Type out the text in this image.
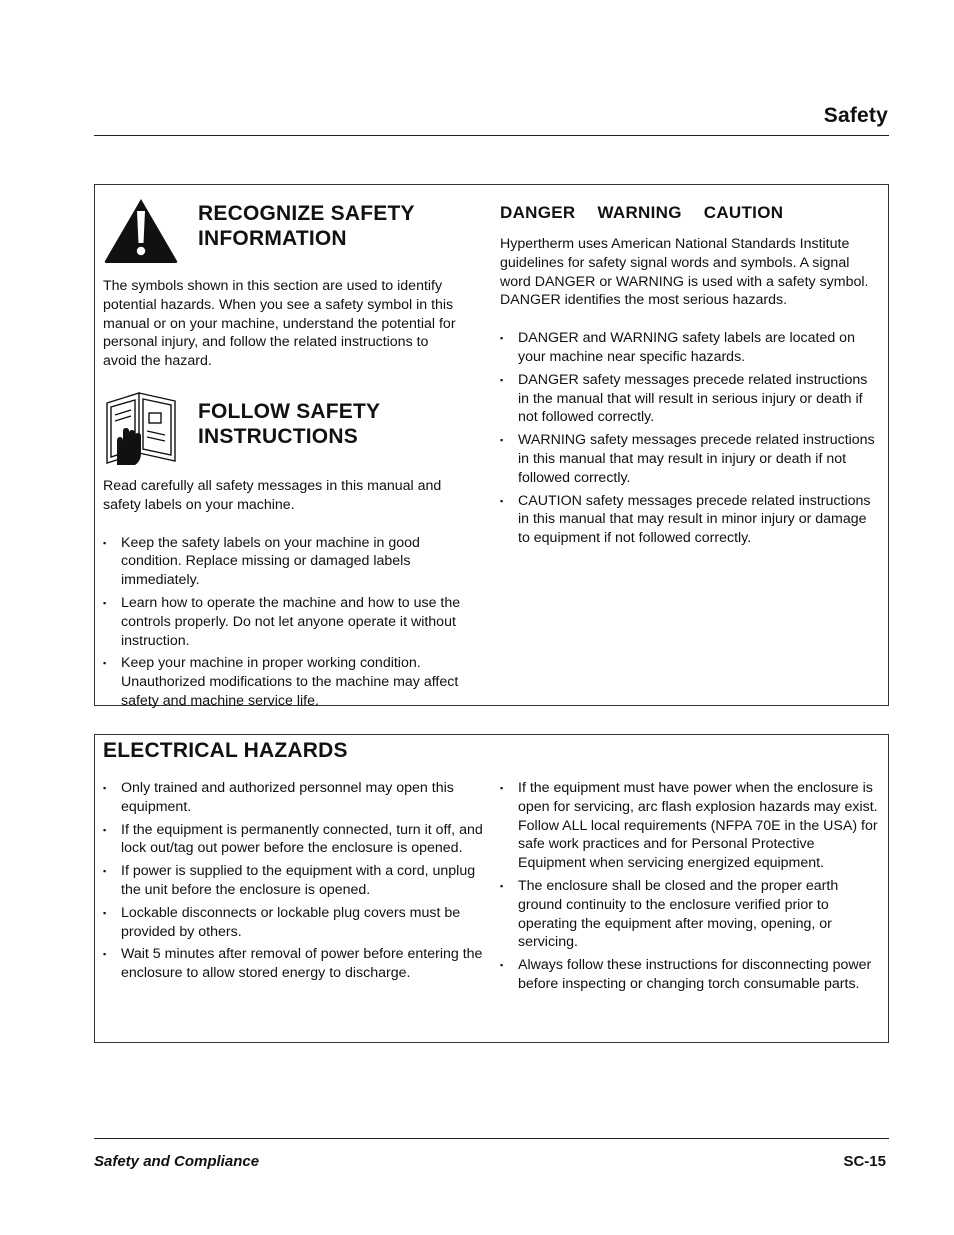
Safety
RECOGNIZE SAFETY
INFORMATION

The symbols shown in this section are used to identify potential hazards. When you see a safety symbol in this manual or on your machine, understand the potential for personal injury, and follow the related instructions to avoid the hazard.

FOLLOW SAFETY
INSTRUCTIONS

Read carefully all safety messages in this manual and safety labels on your machine.

▪ Keep the safety labels on your machine in good condition. Replace missing or damaged labels immediately.
▪ Learn how to operate the machine and how to use the controls properly. Do not let anyone operate it without instruction.
▪ Keep your machine in proper working condition. Unauthorized modifications to the machine may affect safety and machine service life.
DANGER WARNING CAUTION

Hypertherm uses American National Standards Institute guidelines for safety signal words and symbols. A signal word DANGER or WARNING is used with a safety symbol. DANGER identifies the most serious hazards.

▪ DANGER and WARNING safety labels are located on your machine near specific hazards.
▪ DANGER safety messages precede related instructions in the manual that will result in serious injury or death if not followed correctly.
▪ WARNING safety messages precede related instructions in this manual that may result in injury or death if not followed correctly.
▪ CAUTION safety messages precede related instructions in this manual that may result in minor injury or damage to equipment if not followed correctly.
ELECTRICAL HAZARDS
▪ Only trained and authorized personnel may open this equipment.
▪ If the equipment is permanently connected, turn it off, and lock out/tag out power before the enclosure is opened.
▪ If power is supplied to the equipment with a cord, unplug the unit before the enclosure is opened.
▪ Lockable disconnects or lockable plug covers must be provided by others.
▪ Wait 5 minutes after removal of power before entering the enclosure to allow stored energy to discharge.
▪ If the equipment must have power when the enclosure is open for servicing, arc flash explosion hazards may exist. Follow ALL local requirements (NFPA 70E in the USA) for safe work practices and for Personal Protective Equipment when servicing energized equipment.
▪ The enclosure shall be closed and the proper earth ground continuity to the enclosure verified prior to operating the equipment after moving, opening, or servicing.
▪ Always follow these instructions for disconnecting power before inspecting or changing torch consumable parts.
Safety and Compliance	SC-15
